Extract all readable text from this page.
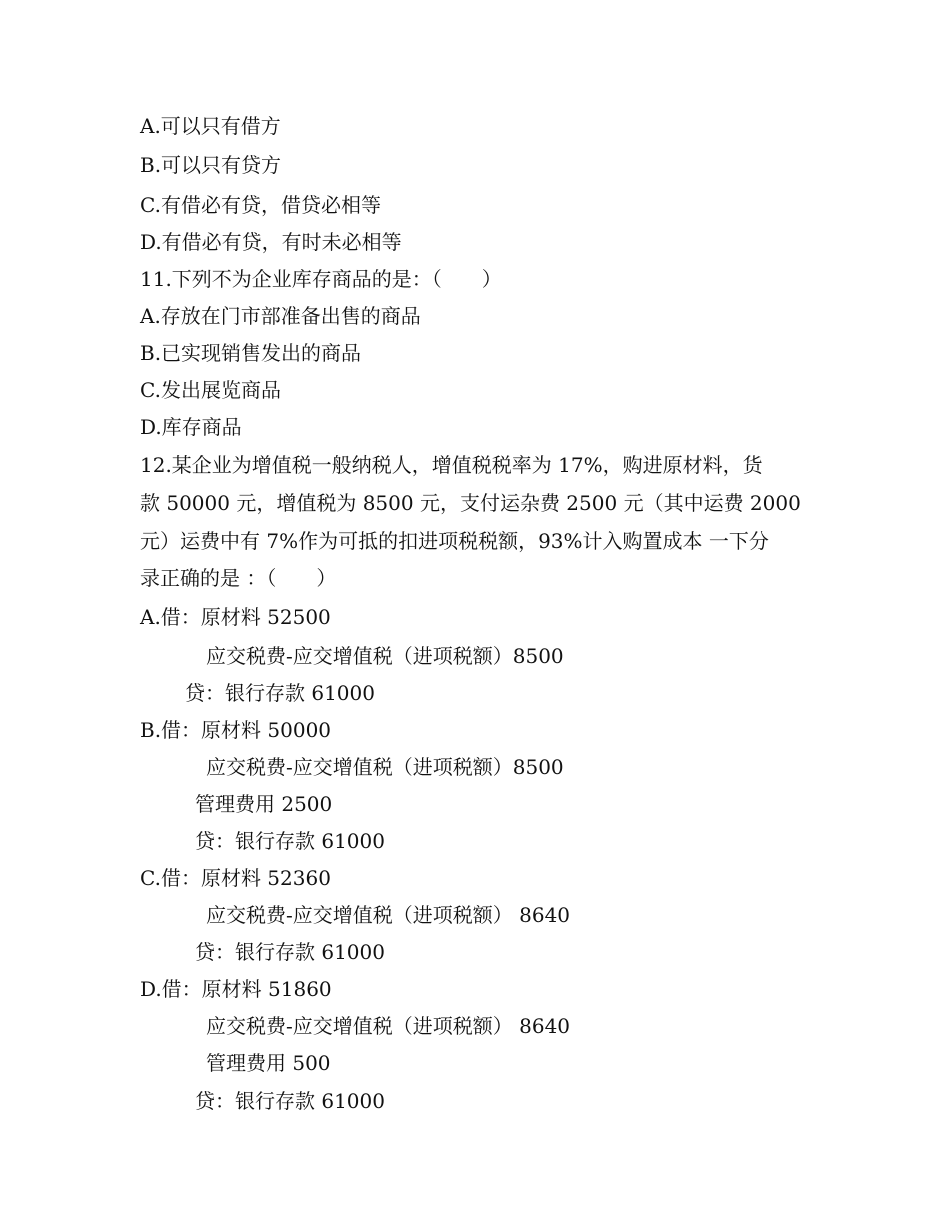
A.可以只有借方
B.可以只有贷方
C.有借必有贷，借贷必相等
D.有借必有贷，有时未必相等
11.下列不为企业库存商品的是：（　　）
A.存放在门市部准备出售的商品
B.已实现销售发出的商品
C.发出展览商品
D.库存商品
12.某企业为增值税一般纳税人，增值税税率为 17%，购进原材料，货
款 50000 元，增值税为 8500 元，支付运杂费 2500 元（其中运费 2000
元）运费中有 7%作为可抵的扣进项税税额，93%计入购置成本 一下分
录正确的是 ：（　　）
A.借：原材料 52500
应交税费-应交增值税（进项税额）8500
贷：银行存款 61000
B.借：原材料 50000
应交税费-应交增值税（进项税额）8500
管理费用 2500
贷：银行存款 61000
C.借：原材料 52360
应交税费-应交增值税（进项税额） 8640
贷：银行存款 61000
D.借：原材料 51860
应交税费-应交增值税（进项税额） 8640
管理费用 500
贷：银行存款 61000
